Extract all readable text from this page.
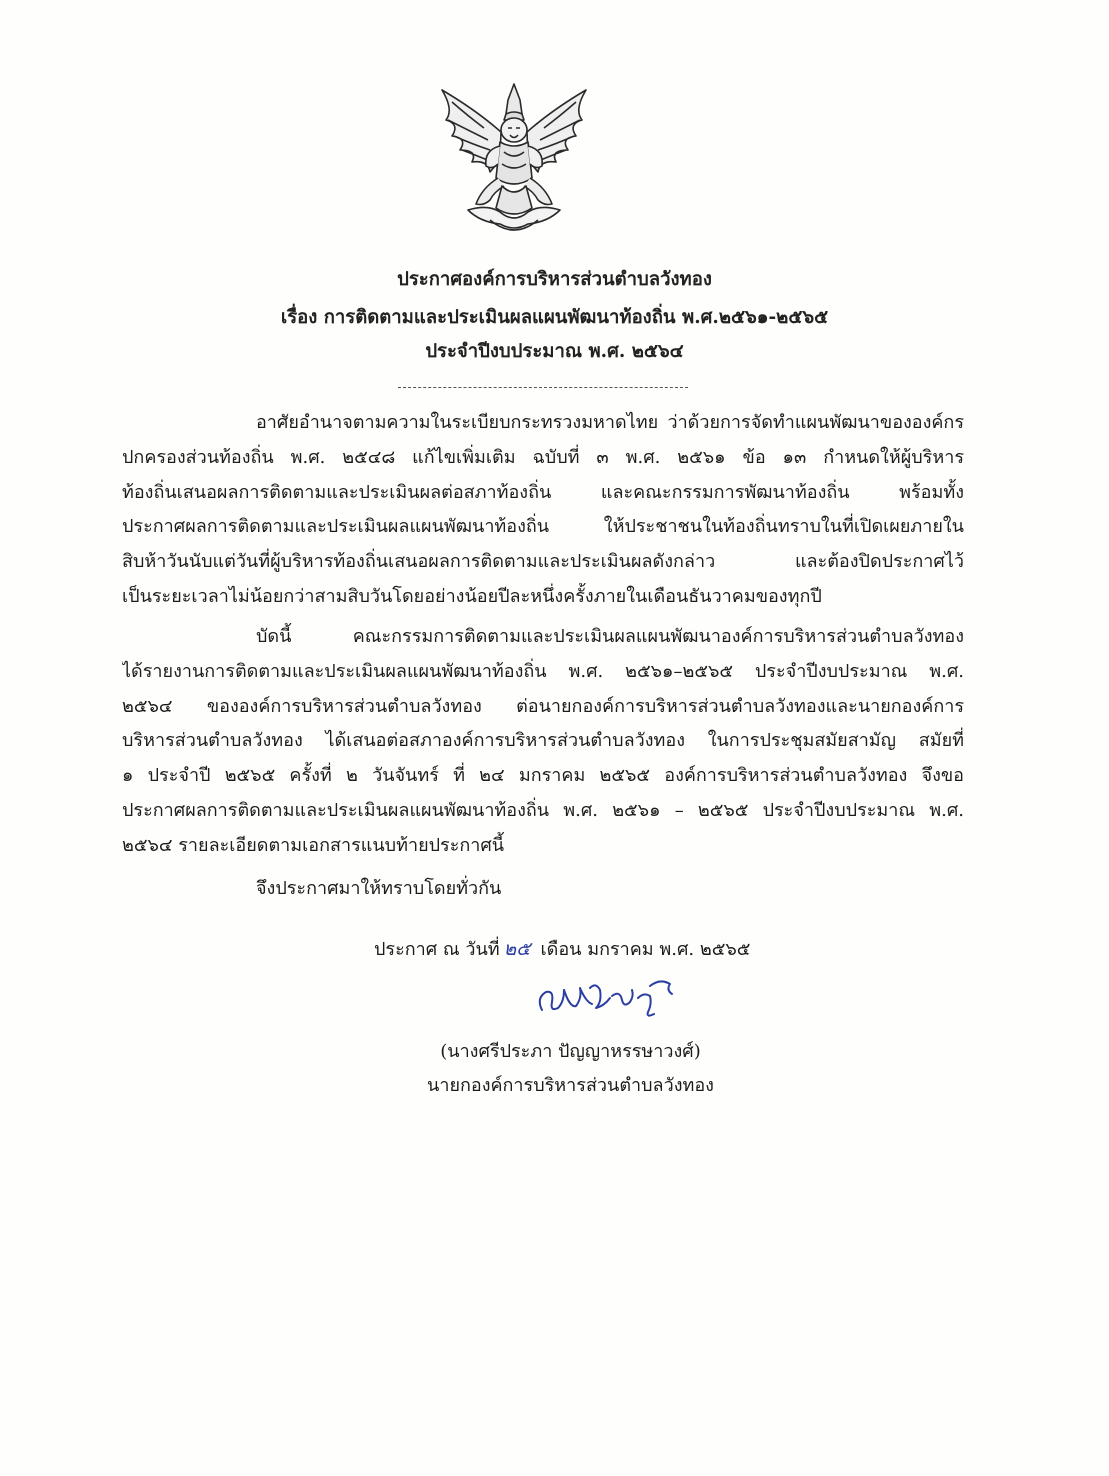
ประกาศองค์การบริหารส่วนตำบลวังทอง
เรื่อง การติดตามและประเมินผลแผนพัฒนาท้องถิ่น พ.ศ.๒๕๖๑-๒๕๖๕
ประจำปีงบประมาณ พ.ศ. ๒๕๖๔
อาศัยอำนาจตามความในระเบียบกระทรวงมหาดไทย ว่าด้วยการจัดทำแผนพัฒนาขององค์กร
ปกครองส่วนท้องถิ่น พ.ศ. ๒๕๔๘ แก้ไขเพิ่มเติม ฉบับที่ ๓ พ.ศ. ๒๕๖๑ ข้อ ๑๓ กำหนดให้ผู้บริหาร
ท้องถิ่นเสนอผลการติดตามและประเมินผลต่อสภาท้องถิ่น และคณะกรรมการพัฒนาท้องถิ่น พร้อมทั้ง
ประกาศผลการติดตามและประเมินผลแผนพัฒนาท้องถิ่น ให้ประชาชนในท้องถิ่นทราบในที่เปิดเผยภายใน
สิบห้าวันนับแต่วันที่ผู้บริหารท้องถิ่นเสนอผลการติดตามและประเมินผลดังกล่าว และต้องปิดประกาศไว้
เป็นระยะเวลาไม่น้อยกว่าสามสิบวันโดยอย่างน้อยปีละหนึ่งครั้งภายในเดือนธันวาคมของทุกปี
บัดนี้ คณะกรรมการติดตามและประเมินผลแผนพัฒนาองค์การบริหารส่วนตำบลวังทอง
ได้รายงานการติดตามและประเมินผลแผนพัฒนาท้องถิ่น พ.ศ. ๒๕๖๑–๒๕๖๕ ประจำปีงบประมาณ พ.ศ.
๒๕๖๔ ขององค์การบริหารส่วนตำบลวังทอง ต่อนายกองค์การบริหารส่วนตำบลวังทองและนายกองค์การ
บริหารส่วนตำบลวังทอง ได้เสนอต่อสภาองค์การบริหารส่วนตำบลวังทอง ในการประชุมสมัยสามัญ สมัยที่
๑ ประจำปี ๒๕๖๕ ครั้งที่ ๒ วันจันทร์ ที่ ๒๔ มกราคม ๒๕๖๕ องค์การบริหารส่วนตำบลวังทอง จึงขอ
ประกาศผลการติดตามและประเมินผลแผนพัฒนาท้องถิ่น พ.ศ. ๒๕๖๑ – ๒๕๖๕ ประจำปีงบประมาณ พ.ศ.
๒๕๖๔ รายละเอียดตามเอกสารแนบท้ายประกาศนี้
จึงประกาศมาให้ทราบโดยทั่วกัน
ประกาศ ณ วันที่ ๒๕ เดือน มกราคม พ.ศ. ๒๕๖๕
(นางศรีประภา ปัญญาหรรษาวงศ์)
นายกองค์การบริหารส่วนตำบลวังทอง
